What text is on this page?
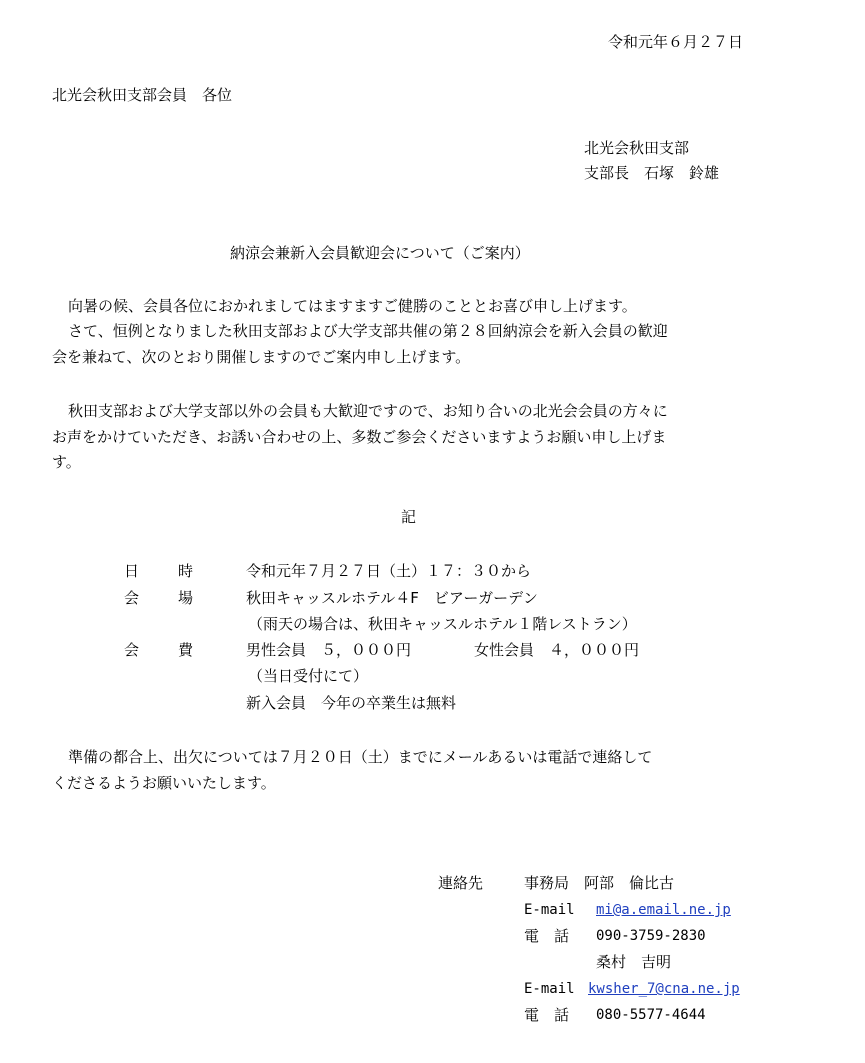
令和元年６月２７日
北光会秋田支部会員　各位
北光会秋田支部
支部長　石塚　鈴雄
納涼会兼新入会員歓迎会について（ご案内）
向暑の候、会員各位におかれましてはますますご健勝のこととお喜び申し上げます。
さて、恒例となりました秋田支部および大学支部共催の第２８回納涼会を新入会員の歓迎
会を兼ねて、次のとおり開催しますのでご案内申し上げます。
秋田支部および大学支部以外の会員も大歓迎ですので、お知り合いの北光会会員の方々に
お声をかけていただき、お誘い合わせの上、多数ご参会くださいますようお願い申し上げま
す。
記
日	時	令和元年７月２７日（土）１７：３０から
会	場	秋田キャッスルホテル４F　ビアーガーデン
（雨天の場合は、秋田キャッスルホテル１階レストラン）
会	費	男性会員　５，０００円	女性会員　４，０００円
（当日受付にて）
新入会員　今年の卒業生は無料
準備の都合上、出欠については７月２０日（土）までにメールあるいは電話で連絡して
くださるようお願いいたします。
連絡先	事務局　阿部　倫比古
E-mail mi@a.email.ne.jp
電　話 090-3759-2830
桑村　吉明
E-mail kwsher_7@cna.ne.jp
電　話 080-5577-4644
